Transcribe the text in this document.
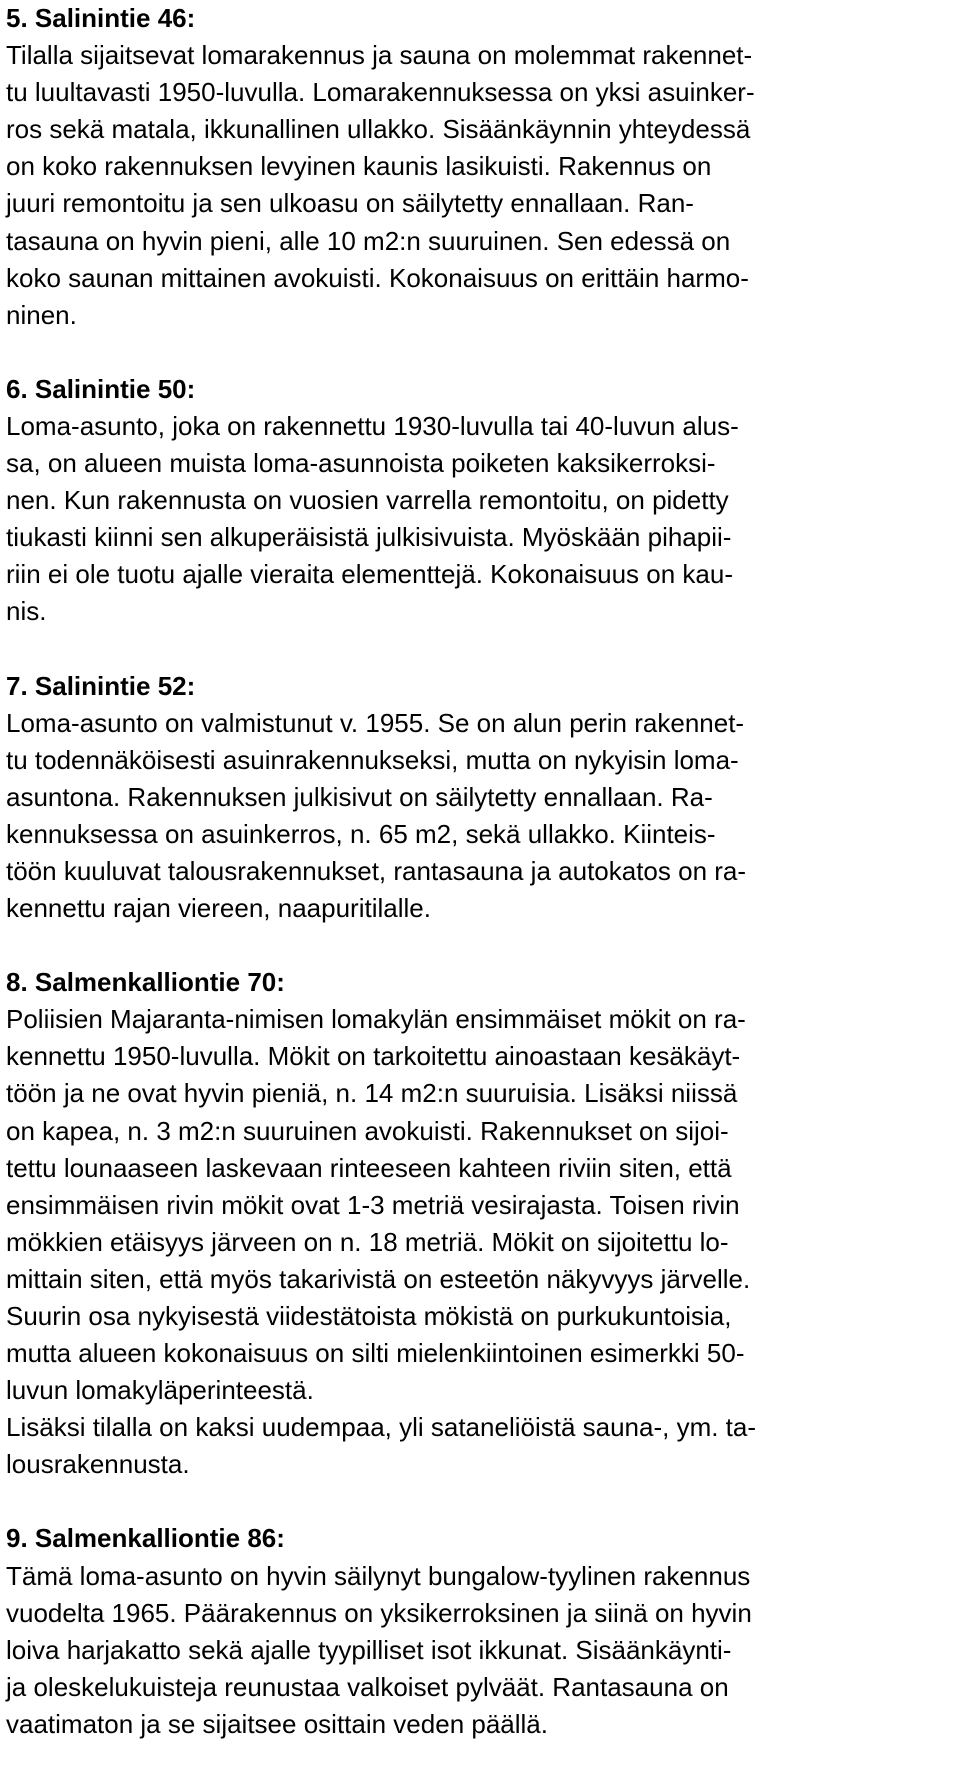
5. Salinintie 46:
Tilalla sijaitsevat lomarakennus ja sauna on molemmat rakennet-
tu luultavasti 1950-luvulla. Lomarakennuksessa on yksi asuinker-
ros sekä matala, ikkunallinen ullakko. Sisäänkäynnin yhteydessä
on koko rakennuksen levyinen kaunis lasikuisti. Rakennus on
juuri remontoitu ja sen ulkoasu on säilytetty ennallaan. Ran-
tasauna on hyvin pieni, alle 10 m2:n suuruinen. Sen edessä on
koko saunan mittainen avokuisti. Kokonaisuus on erittäin harmo-
ninen.
6. Salinintie 50:
Loma-asunto, joka on rakennettu 1930-luvulla tai 40-luvun alus-
sa, on alueen muista loma-asunnoista poiketen kaksikerroksi-
nen. Kun rakennusta on vuosien varrella remontoitu, on pidetty
tiukasti kiinni sen alkuperäisistä julkisivuista. Myöskään pihapii-
riin ei ole tuotu ajalle vieraita elementtejä. Kokonaisuus on kau-
nis.
7. Salinintie 52:
Loma-asunto on valmistunut v. 1955. Se on alun perin rakennet-
tu todennäköisesti asuinrakennukseksi, mutta on nykyisin loma-
asuntona. Rakennuksen julkisivut on säilytetty ennallaan. Ra-
kennuksessa on asuinkerros, n. 65 m2, sekä ullakko. Kiinteis-
töön kuuluvat talousrakennukset, rantasauna ja autokatos on ra-
kennettu rajan viereen, naapuritilalle.
8. Salmenkalliontie 70:
Poliisien Majaranta-nimisen lomakylän ensimmäiset mökit on ra-
kennettu 1950-luvulla. Mökit on tarkoitettu ainoastaan kesäkäyt-
töön ja ne ovat hyvin pieniä, n. 14 m2:n suuruisia. Lisäksi niissä
on kapea, n. 3 m2:n suuruinen avokuisti. Rakennukset on sijoi-
tettu lounaaseen laskevaan rinteeseen kahteen riviin siten, että
ensimmäisen rivin mökit ovat 1-3 metriä vesirajasta. Toisen rivin
mökkien etäisyys järveen on n. 18 metriä. Mökit on sijoitettu lo-
mittain siten, että myös takarivistä on esteetön näkyvyys järvelle.
Suurin osa nykyisestä viidestätoista mökistä on purkukuntoisia,
mutta alueen kokonaisuus on silti mielenkiintoinen esimerkki 50-
luvun lomakyläperinteestä.
Lisäksi tilalla on kaksi uudempaa, yli sataneliöistä sauna-, ym. ta-
lousrakennusta.
9. Salmenkalliontie 86:
Tämä loma-asunto on hyvin säilynyt bungalow-tyylinen rakennus
vuodelta 1965. Päärakennus on yksikerroksinen ja siinä on hyvin
loiva harjakatto sekä ajalle tyypilliset isot ikkunat. Sisäänkäynti-
ja oleskelukuisteja reunustaa valkoiset pylväät. Rantasauna on
vaatimaton ja se sijaitsee osittain veden päällä.
